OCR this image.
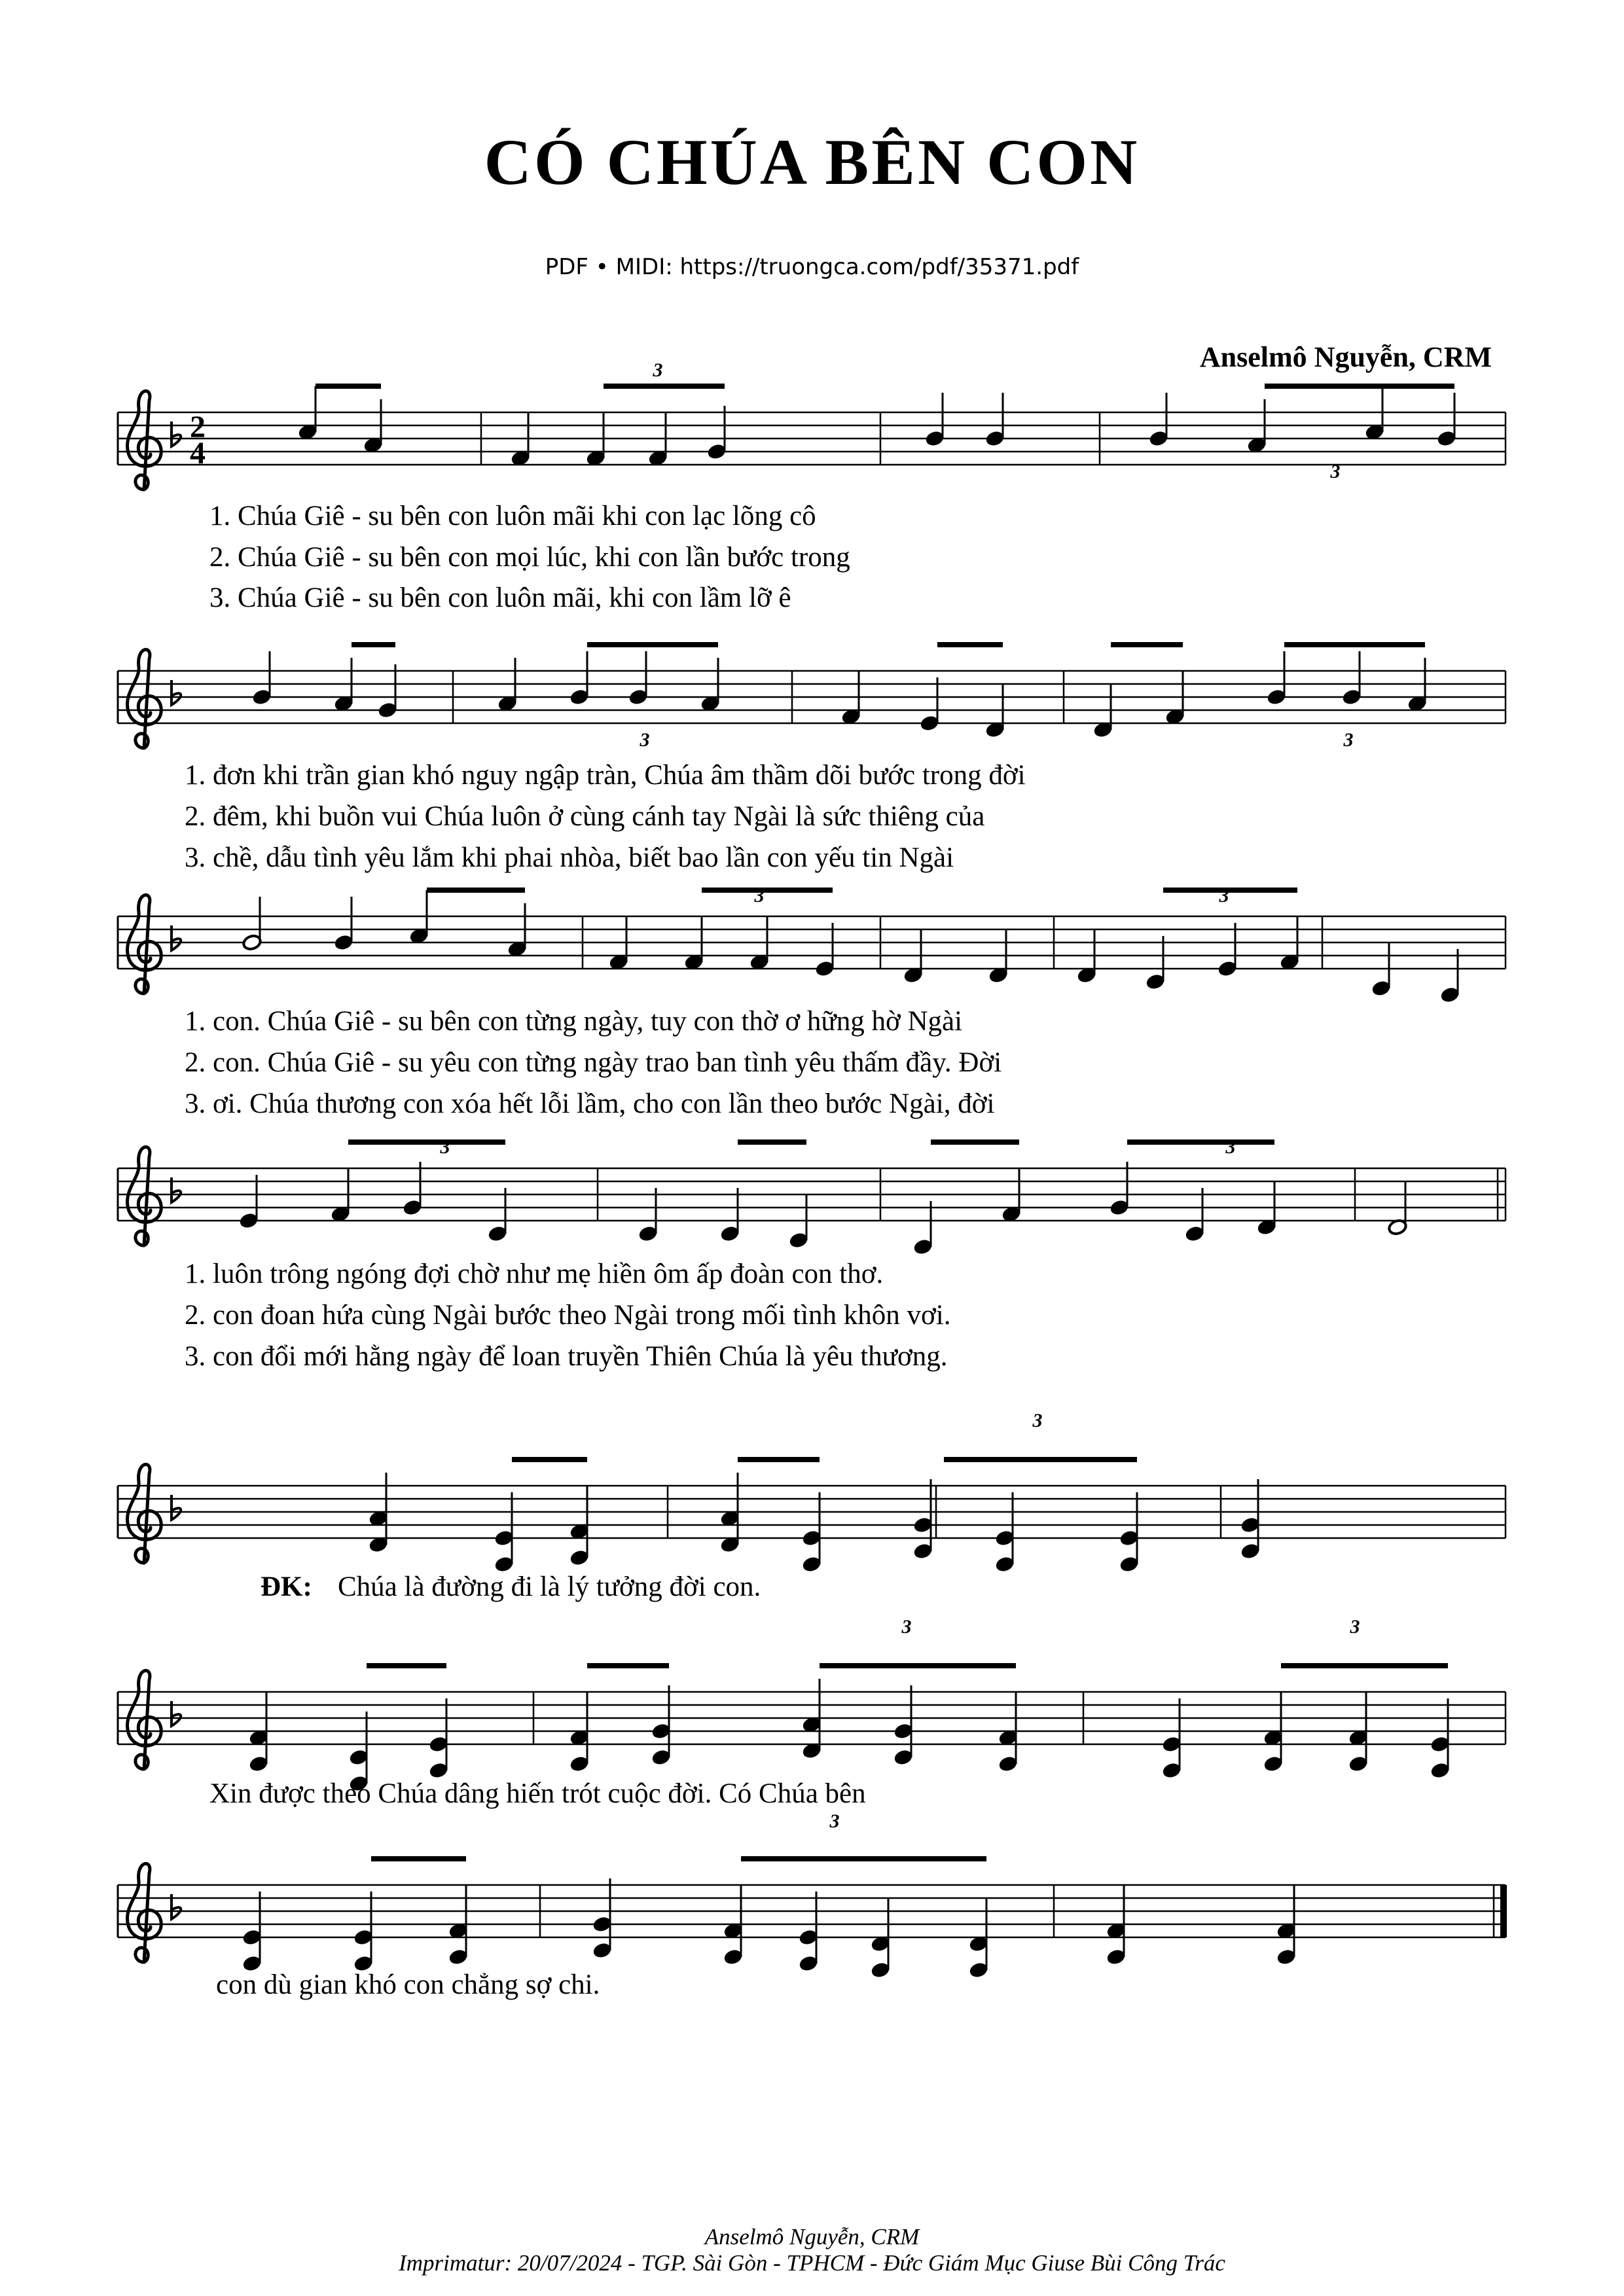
CÓ CHÚA BÊN CON
PDF • MIDI: https://truongca.com/pdf/35371.pdf
Anselmô Nguyễn, CRM
2
4
3
3
3	3
3	3
3	3
3
3	3
3
1. Chúa Giê - su bên con luôn mãi khi con lạc lõng cô
2. Chúa Giê - su bên con mọi lúc, khi con lần bước trong
3. Chúa Giê - su bên con luôn mãi, khi con lầm lỡ ê
1. đơn khi trần gian khó nguy ngập tràn, Chúa âm thầm dõi bước trong đời
2. đêm, khi buồn vui Chúa luôn ở cùng cánh tay Ngài là sức thiêng của
3. chề, dẫu tình yêu lắm khi phai nhòa, biết bao lần con yếu tin Ngài
1. con. Chúa Giê - su bên con từng ngày, tuy con thờ ơ hững hờ Ngài
2. con. Chúa Giê - su yêu con từng ngày trao ban tình yêu thấm đầy. Đời
3. ơi. Chúa thương con xóa hết lỗi lầm, cho con lần theo bước Ngài, đời
1. luôn trông ngóng đợi chờ như mẹ hiền ôm ấp đoàn con thơ.
2. con đoan hứa cùng Ngài bước theo Ngài trong mối tình khôn vơi.
3. con đổi mới hằng ngày để loan truyền Thiên Chúa là yêu thương.
ĐK: Chúa là đường đi là lý tưởng đời con.
Xin được theo Chúa dâng hiến trót cuộc đời. Có Chúa bên
con dù gian khó con chẳng sợ chi.
Anselmô Nguyễn, CRM
Imprimatur: 20/07/2024 - TGP. Sài Gòn - TPHCM - Đức Giám Mục Giuse Bùi Công Trác
